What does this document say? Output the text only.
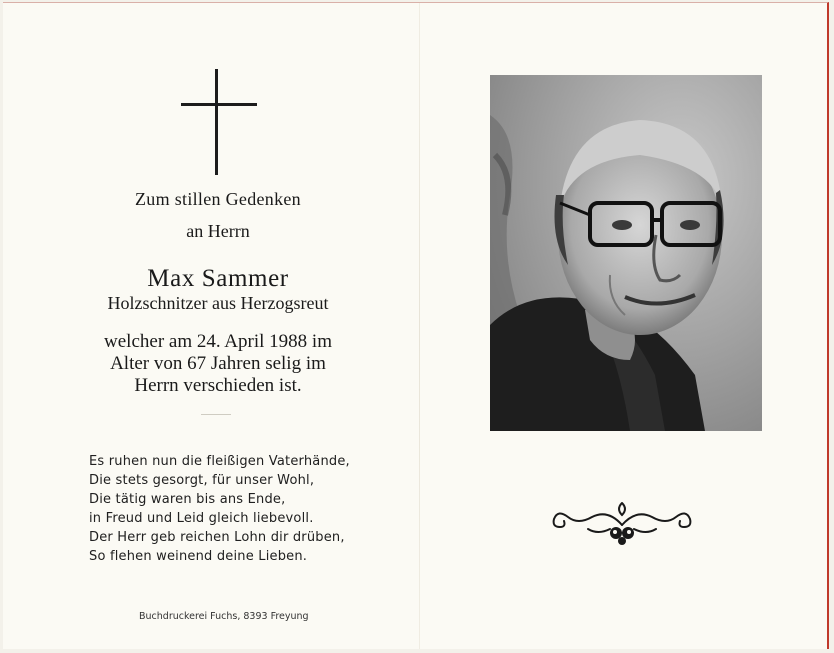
Zum stillen Gedenken
an Herrn
Max Sammer
Holzschnitzer aus Herzogsreut
welcher am 24. April 1988 im
Alter von 67 Jahren selig im
Herrn verschieden ist.
Es ruhen nun die fleißigen Vaterhände,
Die stets gesorgt, für unser Wohl,
Die tätig waren bis ans Ende,
in Freud und Leid gleich liebevoll.
Der Herr geb reichen Lohn dir drüben,
So flehen weinend deine Lieben.
Buchdruckerei Fuchs, 8393 Freyung
